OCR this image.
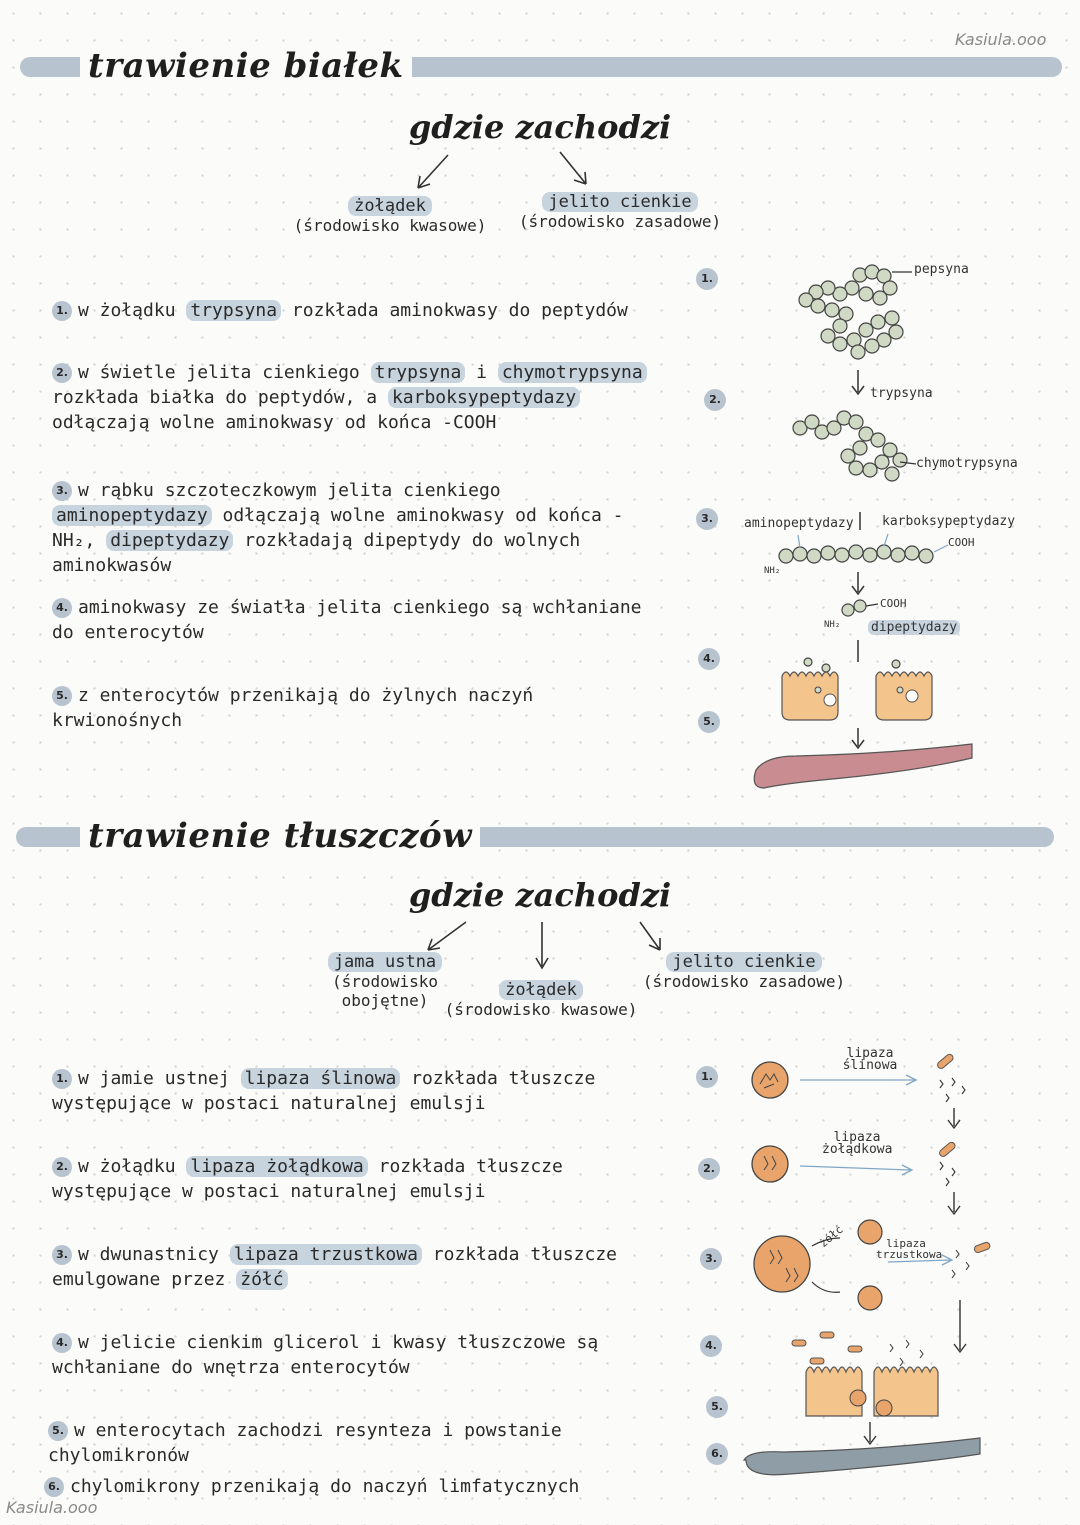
Kasiula.ooo
Kasiula.ooo
trawienie białek
gdzie zachodzi
żołądek
(środowisko kwasowe)
jelito cienkie
(środowisko zasadowe)
1. w żołądku trypsyna rozkłada aminokwasy do peptydów
2. w świetle jelita cienkiego trypsyna i chymotrypsyna rozkłada białka do peptydów, a karboksypeptydazy odłączają wolne aminokwasy od końca -COOH
3. w rąbku szczoteczkowym jelita cienkiego aminopeptydazy odłączają wolne aminokwasy od końca -NH₂, dipeptydazy rozkładają dipeptydy do wolnych aminokwasów
4. aminokwasy ze światła jelita cienkiego są wchłaniane do enterocytów
5. z enterocytów przenikają do żylnych naczyń krwionośnych
1.
2.
3.
4.
5.
pepsyna
trypsyna
chymotrypsyna
aminopeptydazy karboksypeptydazy
COOH
NH₂
COOH
NH₂ dipeptydazy
trawienie tłuszczów
gdzie zachodzi
jama ustna
(środowisko obojętne)
żołądek
(środowisko kwasowe)
jelito cienkie
(środowisko zasadowe)
1. w jamie ustnej lipaza ślinowa rozkłada tłuszcze występujące w postaci naturalnej emulsji
2. w żołądku lipaza żołądkowa rozkłada tłuszcze występujące w postaci naturalnej emulsji
3. w dwunastnicy lipaza trzustkowa rozkłada tłuszcze emulgowane przez żółć
4. w jelicie cienkim glicerol i kwasy tłuszczowe są wchłaniane do wnętrza enterocytów
5. w enterocytach zachodzi resynteza i powstanie chylomikronów
6. chylomikrony przenikają do naczyń limfatycznych
1.
2.
3.
4.
5.
6.
lipaza ślinowa
lipaza żołądkowa
żółć	lipaza trzustkowa
